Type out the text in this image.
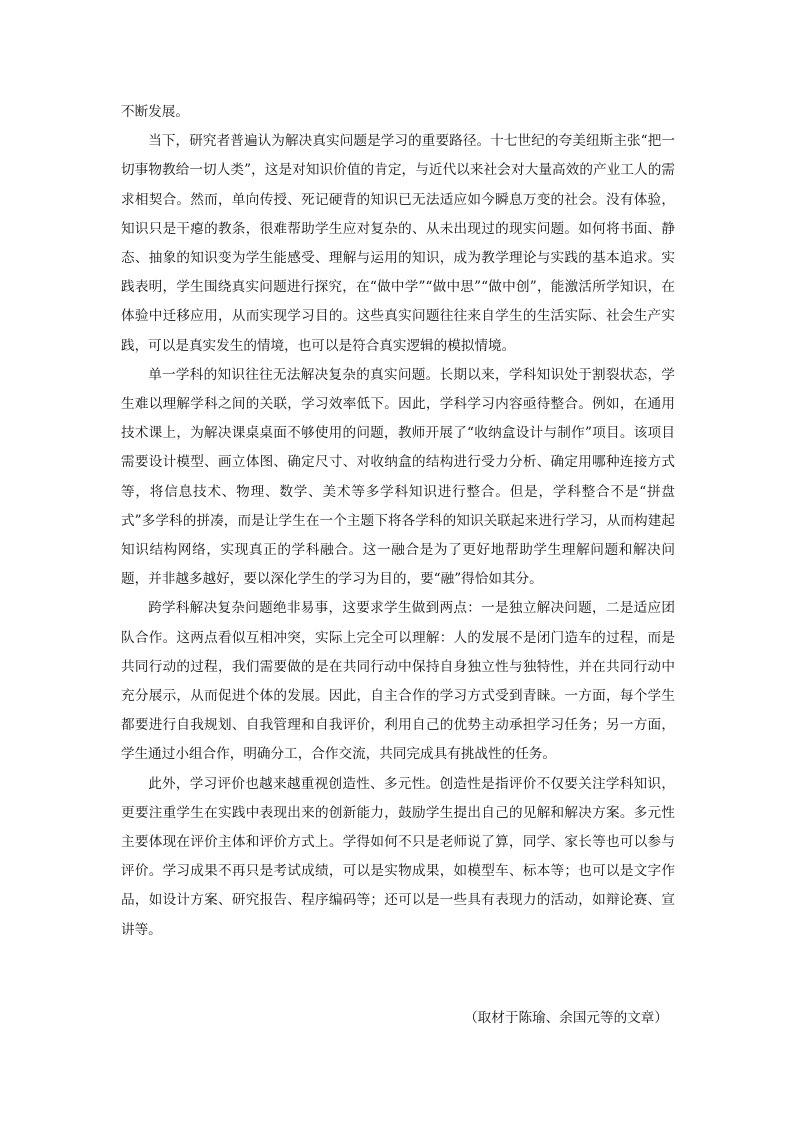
不断发展。

当下，研究者普遍认为解决真实问题是学习的重要路径。十七世纪的夸美纽斯主张“把一切事物教给一切人类”，这是对知识价值的肯定，与近代以来社会对大量高效的产业工人的需求相契合。然而，单向传授、死记硬背的知识已无法适应如今瞬息万变的社会。没有体验，知识只是干瘪的教条，很难帮助学生应对复杂的、从未出现过的现实问题。如何将书面、静态、抽象的知识变为学生能感受、理解与运用的知识，成为教学理论与实践的基本追求。实践表明，学生围绕真实问题进行探究，在“做中学”“做中思”“做中创”，能激活所学知识，在体验中迁移应用，从而实现学习目的。这些真实问题往往来自学生的生活实际、社会生产实践，可以是真实发生的情境，也可以是符合真实逻辑的模拟情境。

单一学科的知识往往无法解决复杂的真实问题。长期以来，学科知识处于割裂状态，学生难以理解学科之间的关联，学习效率低下。因此，学科学习内容亟待整合。例如，在通用技术课上，为解决课桌桌面不够使用的问题，教师开展了“收纳盒设计与制作”项目。该项目需要设计模型、画立体图、确定尺寸、对收纳盒的结构进行受力分析、确定用哪种连接方式等，将信息技术、物理、数学、美术等多学科知识进行整合。但是，学科整合不是“拼盘式”多学科的拼凑，而是让学生在一个主题下将各学科的知识关联起来进行学习，从而构建起知识结构网络，实现真正的学科融合。这一融合是为了更好地帮助学生理解问题和解决问题，并非越多越好，要以深化学生的学习为目的，要“融”得恰如其分。

跨学科解决复杂问题绝非易事，这要求学生做到两点：一是独立解决问题，二是适应团队合作。这两点看似互相冲突，实际上完全可以理解：人的发展不是闭门造车的过程，而是共同行动的过程，我们需要做的是在共同行动中保持自身独立性与独特性，并在共同行动中充分展示，从而促进个体的发展。因此，自主合作的学习方式受到青睐。一方面，每个学生都要进行自我规划、自我管理和自我评价，利用自己的优势主动承担学习任务；另一方面，学生通过小组合作，明确分工，合作交流，共同完成具有挑战性的任务。

此外，学习评价也越来越重视创造性、多元性。创造性是指评价不仅要关注学科知识，更要注重学生在实践中表现出来的创新能力，鼓励学生提出自己的见解和解决方案。多元性主要体现在评价主体和评价方式上。学得如何不只是老师说了算，同学、家长等也可以参与评价。学习成果不再只是考试成绩，可以是实物成果，如模型车、标本等；也可以是文字作品，如设计方案、研究报告、程序编码等；还可以是一些具有表现力的活动，如辩论赛、宣讲等。

（取材于陈瑜、余国元等的文章）
